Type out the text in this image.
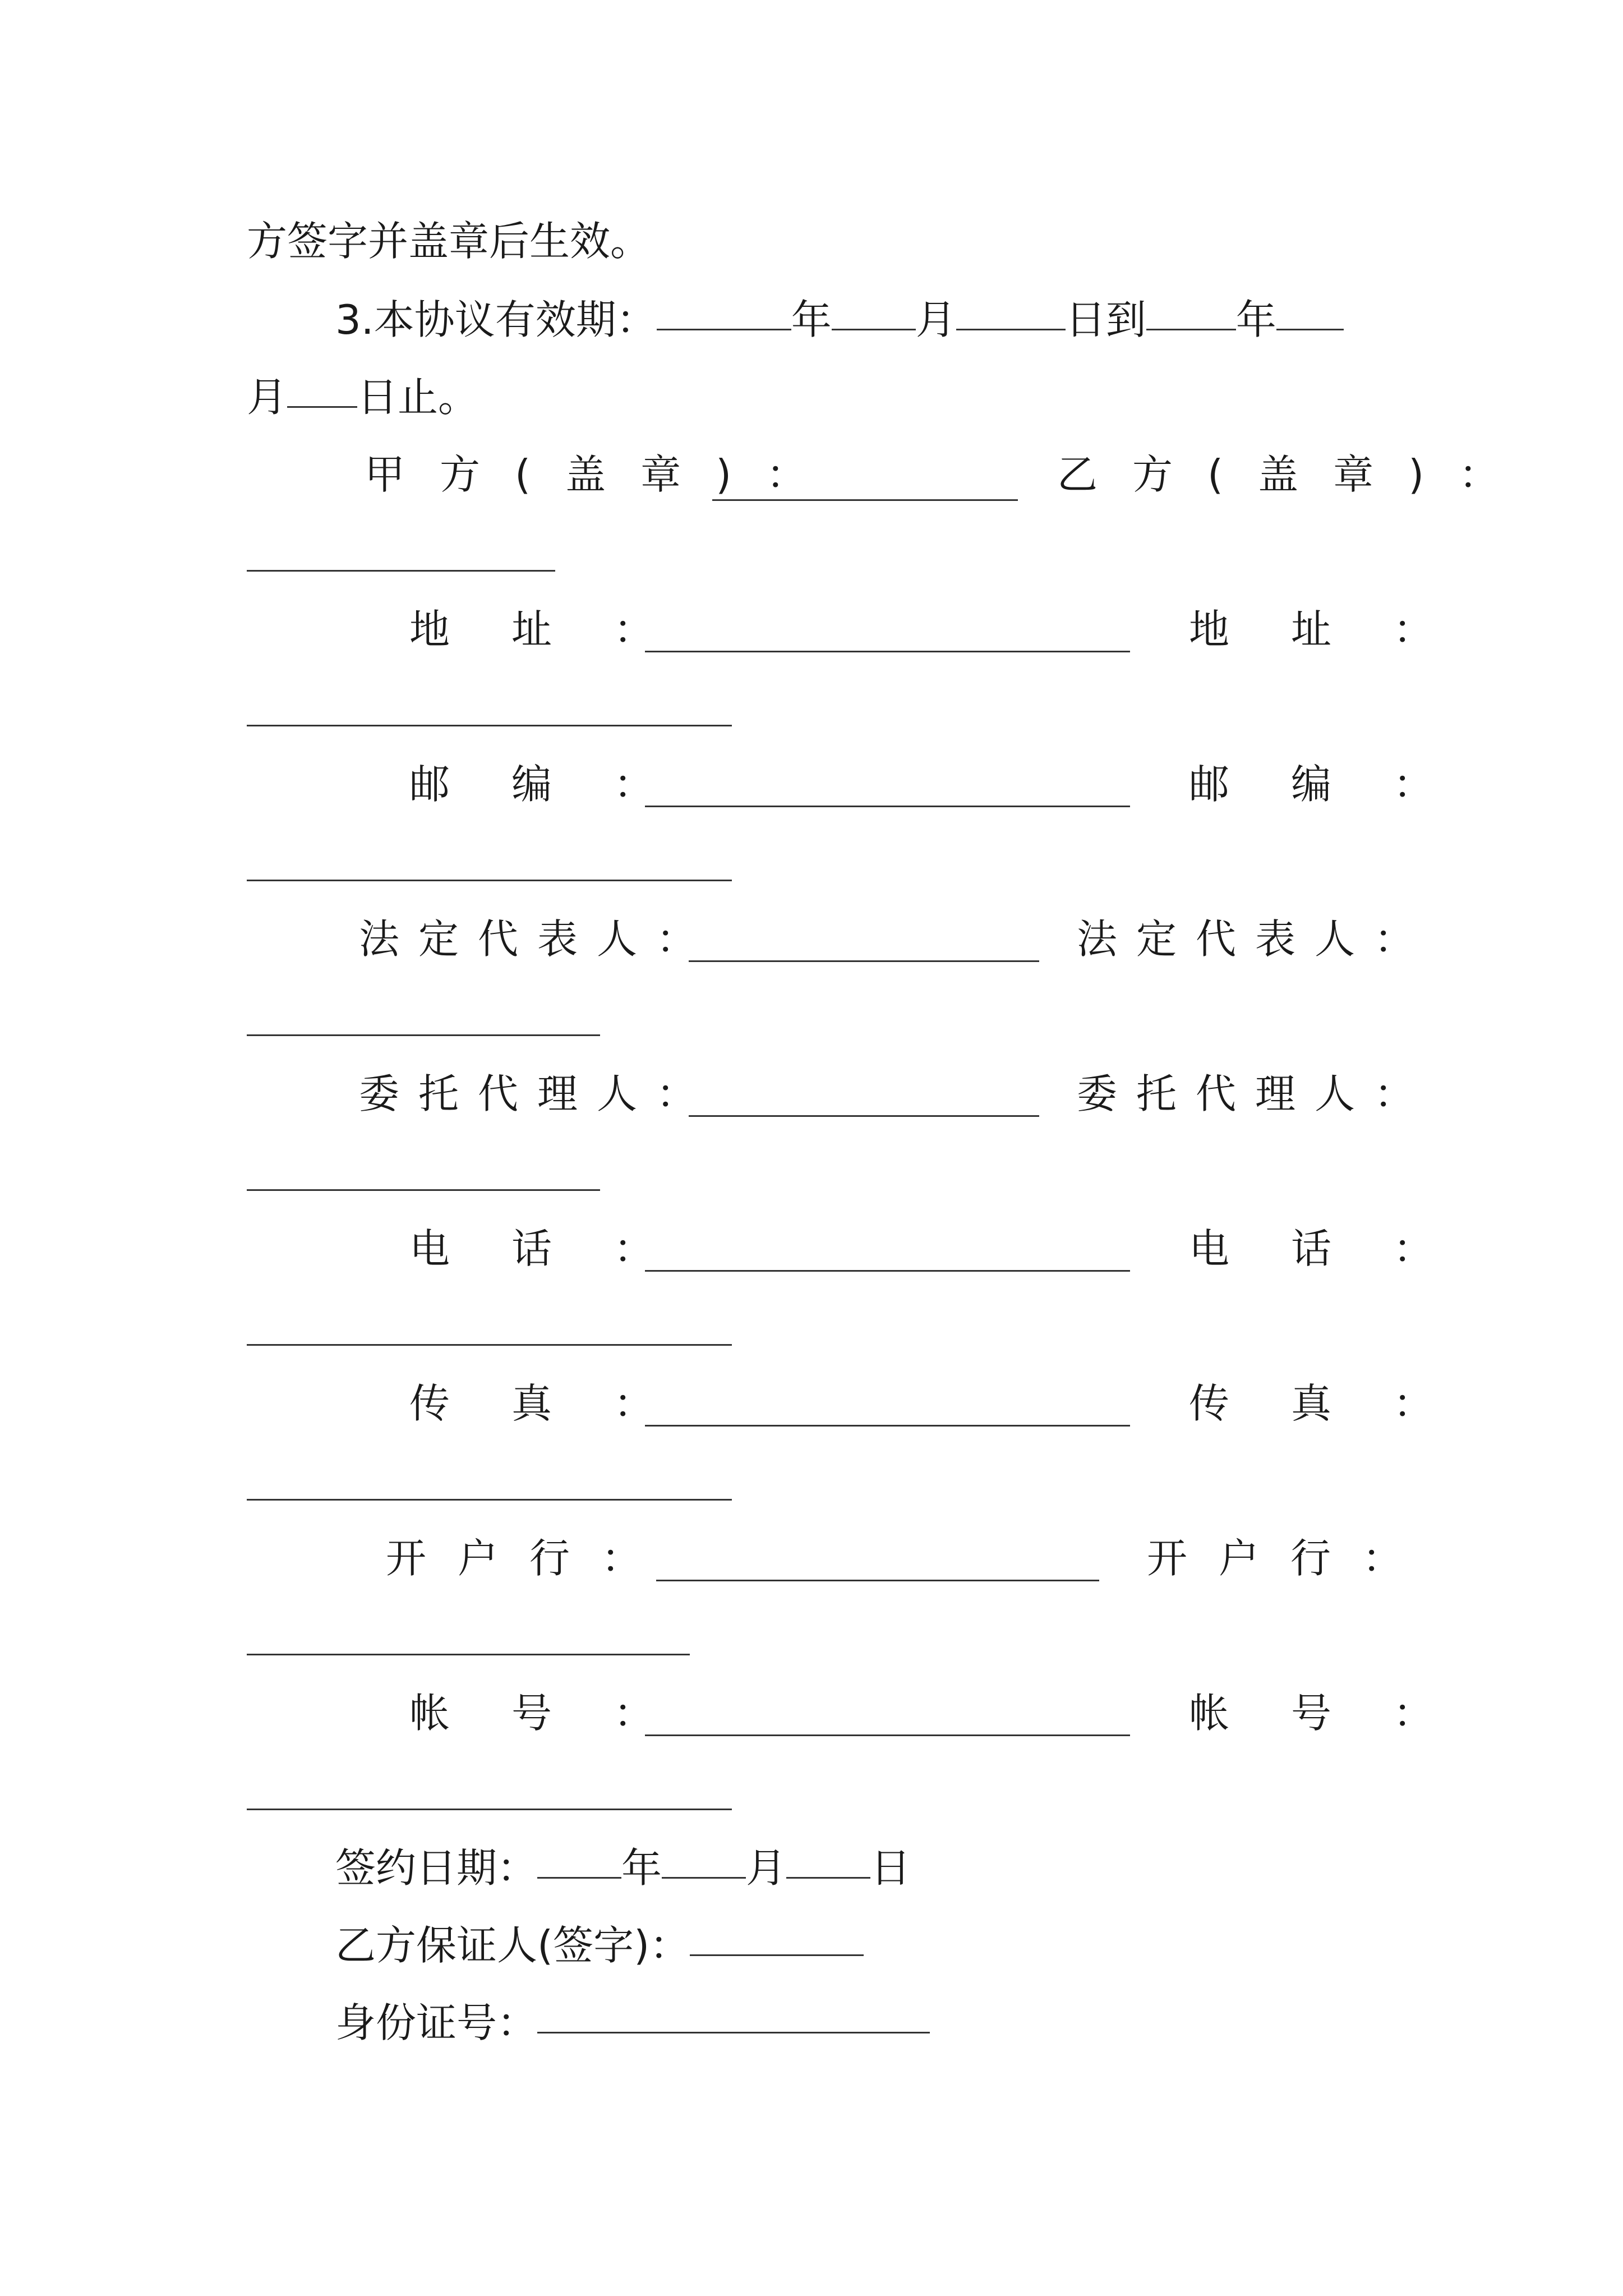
方签字并盖章后生效。
3.本协议有效期：	年 月	日到 年
月 日止。
甲方(盖章)：	乙方(盖章)：
地址：	地址：
邮编：	邮编：
法定代表人：	法定代表人：
委托代理人：	委托代理人：
电话：	电话：
传真：	传真：
开户行：	开户行：
帐号：	帐号：
签约日期： 年 月 日
乙方保证人(签字)：
身份证号：
